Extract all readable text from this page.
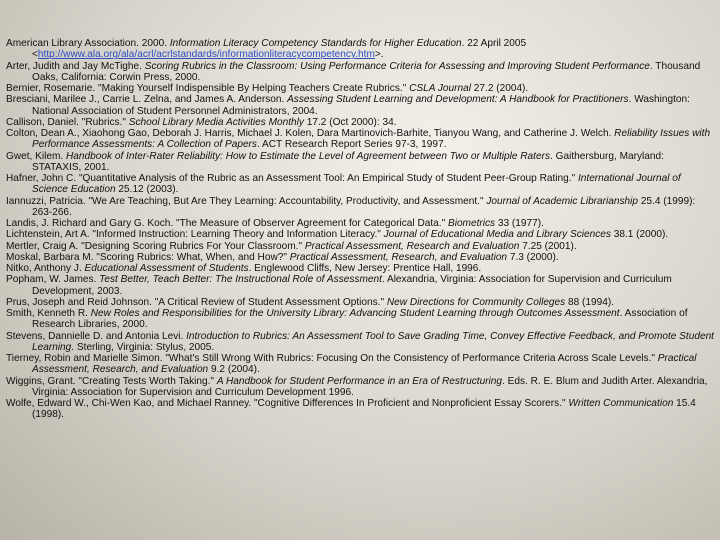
American Library Association. 2000. Information Literacy Competency Standards for Higher Education. 22 April 2005 <http://www.ala.org/ala/acrl/acrlstandards/informationliteracycompetency.htm>.

Arter, Judith and Jay McTighe. Scoring Rubrics in the Classroom: Using Performance Criteria for Assessing and Improving Student Performance. Thousand Oaks, California: Corwin Press, 2000.

Bernier, Rosemarie. "Making Yourself Indispensible By Helping Teachers Create Rubrics." CSLA Journal 27.2 (2004).

Bresciani, Marilee J., Carrie L. Zelna, and James A. Anderson. Assessing Student Learning and Development: A Handbook for Practitioners. Washington: National Association of Student Personnel Administrators, 2004.

Callison, Daniel. "Rubrics." School Library Media Activities Monthly 17.2 (Oct 2000): 34.

Colton, Dean A., Xiaohong Gao, Deborah J. Harris, Michael J. Kolen, Dara Martinovich-Barhite, Tianyou Wang, and Catherine J. Welch. Reliability Issues with Performance Assessments: A Collection of Papers. ACT Research Report Series 97-3, 1997.

Gwet, Kilem. Handbook of Inter-Rater Reliability: How to Estimate the Level of Agreement between Two or Multiple Raters. Gaithersburg, Maryland: STATAXIS, 2001.

Hafner, John C. "Quantitative Analysis of the Rubric as an Assessment Tool: An Empirical Study of Student Peer-Group Rating." International Journal of Science Education 25.12 (2003).

Iannuzzi, Patricia. "We Are Teaching, But Are They Learning: Accountability, Productivity, and Assessment." Journal of Academic Librarianship 25.4 (1999): 263-266.

Landis, J. Richard and Gary G. Koch. "The Measure of Observer Agreement for Categorical Data." Biometrics 33 (1977).

Lichtenstein, Art A. "Informed Instruction: Learning Theory and Information Literacy." Journal of Educational Media and Library Sciences 38.1 (2000).

Mertler, Craig A. "Designing Scoring Rubrics For Your Classroom." Practical Assessment, Research and Evaluation 7.25 (2001).

Moskal, Barbara M. "Scoring Rubrics: What, When, and How?" Practical Assessment, Research, and Evaluation 7.3 (2000).

Nitko, Anthony J. Educational Assessment of Students. Englewood Cliffs, New Jersey: Prentice Hall, 1996.

Popham, W. James. Test Better, Teach Better: The Instructional Role of Assessment. Alexandria, Virginia: Association for Supervision and Curriculum Development, 2003.

Prus, Joseph and Reid Johnson. "A Critical Review of Student Assessment Options." New Directions for Community Colleges 88 (1994).

Smith, Kenneth R. New Roles and Responsibilities for the University Library: Advancing Student Learning through Outcomes Assessment. Association of Research Libraries, 2000.

Stevens, Dannielle D. and Antonia Levi. Introduction to Rubrics: An Assessment Tool to Save Grading Time, Convey Effective Feedback, and Promote Student Learning. Sterling, Virginia: Stylus, 2005.

Tierney, Robin and Marielle Simon. "What's Still Wrong With Rubrics: Focusing On the Consistency of Performance Criteria Across Scale Levels." Practical Assessment, Research, and Evaluation 9.2 (2004).

Wiggins, Grant. "Creating Tests Worth Taking." A Handbook for Student Performance in an Era of Restructuring. Eds. R. E. Blum and Judith Arter. Alexandria, Virginia: Association for Supervision and Curriculum Development 1996.

Wolfe, Edward W., Chi-Wen Kao, and Michael Ranney. "Cognitive Differences In Proficient and Nonproficient Essay Scorers." Written Communication 15.4 (1998).
